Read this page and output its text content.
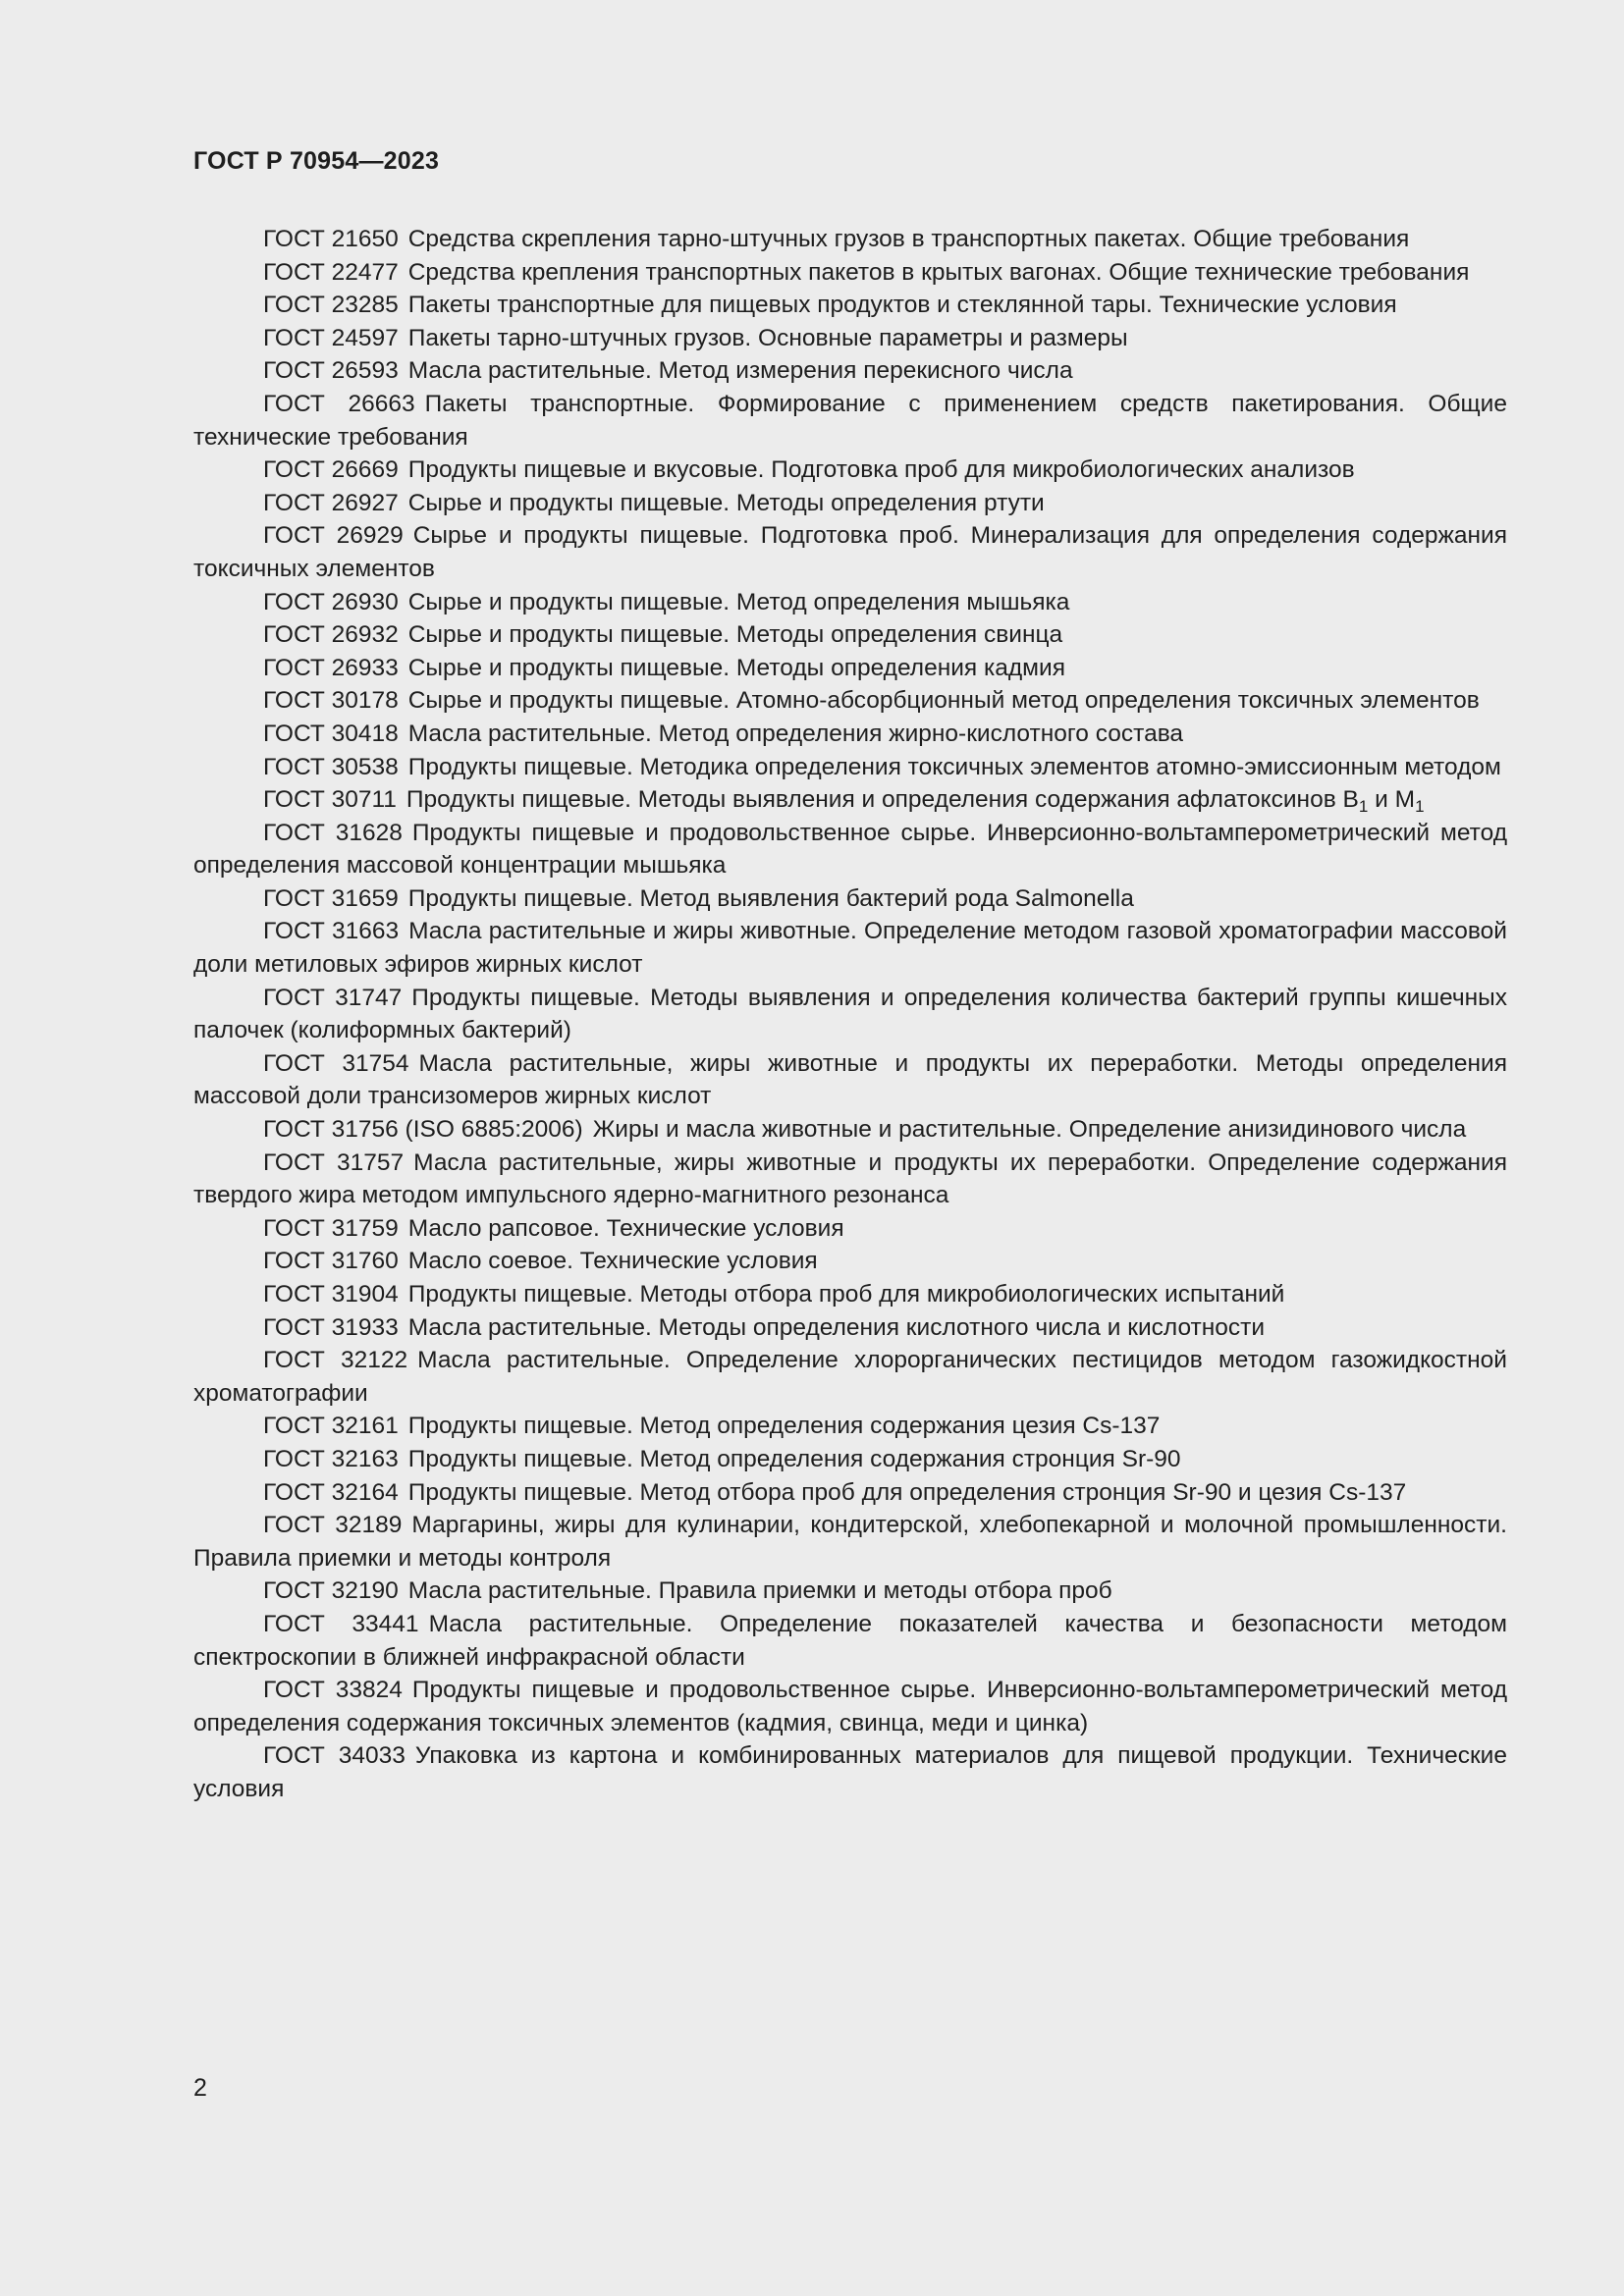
ГОСТ Р 70954—2023

ГОСТ 21650 Средства скрепления тарно-штучных грузов в транспортных пакетах. Общие требования

ГОСТ 22477 Средства крепления транспортных пакетов в крытых вагонах. Общие технические требования

ГОСТ 23285 Пакеты транспортные для пищевых продуктов и стеклянной тары. Технические условия

ГОСТ 24597 Пакеты тарно-штучных грузов. Основные параметры и размеры

ГОСТ 26593 Масла растительные. Метод измерения перекисного числа

ГОСТ 26663 Пакеты транспортные. Формирование с применением средств пакетирования. Общие технические требования

ГОСТ 26669 Продукты пищевые и вкусовые. Подготовка проб для микробиологических анализов

ГОСТ 26927 Сырье и продукты пищевые. Методы определения ртути

ГОСТ 26929 Сырье и продукты пищевые. Подготовка проб. Минерализация для определения содержания токсичных элементов

ГОСТ 26930 Сырье и продукты пищевые. Метод определения мышьяка

ГОСТ 26932 Сырье и продукты пищевые. Методы определения свинца

ГОСТ 26933 Сырье и продукты пищевые. Методы определения кадмия

ГОСТ 30178 Сырье и продукты пищевые. Атомно-абсорбционный метод определения токсичных элементов

ГОСТ 30418 Масла растительные. Метод определения жирно-кислотного состава

ГОСТ 30538 Продукты пищевые. Методика определения токсичных элементов атомно-эмиссионным методом

ГОСТ 30711 Продукты пищевые. Методы выявления и определения содержания афлатоксинов $B_1$ и $M_1$

ГОСТ 31628 Продукты пищевые и продовольственное сырье. Инверсионно-вольтамперометрический метод определения массовой концентрации мышьяка

ГОСТ 31659 Продукты пищевые. Метод выявления бактерий рода Salmonella

ГОСТ 31663 Масла растительные и жиры животные. Определение методом газовой хроматографии массовой доли метиловых эфиров жирных кислот

ГОСТ 31747 Продукты пищевые. Методы выявления и определения количества бактерий группы кишечных палочек (колиформных бактерий)

ГОСТ 31754 Масла растительные, жиры животные и продукты их переработки. Методы определения массовой доли трансизомеров жирных кислот

ГОСТ 31756 (ISO 6885:2006) Жиры и масла животные и растительные. Определение анизидинового числа

ГОСТ 31757 Масла растительные, жиры животные и продукты их переработки. Определение содержания твердого жира методом импульсного ядерно-магнитного резонанса

ГОСТ 31759 Масло рапсовое. Технические условия

ГОСТ 31760 Масло соевое. Технические условия

ГОСТ 31904 Продукты пищевые. Методы отбора проб для микробиологических испытаний

ГОСТ 31933 Масла растительные. Методы определения кислотного числа и кислотности

ГОСТ 32122 Масла растительные. Определение хлорорганических пестицидов методом газожидкостной хроматографии

ГОСТ 32161 Продукты пищевые. Метод определения содержания цезия Cs-137

ГОСТ 32163 Продукты пищевые. Метод определения содержания стронция Sr-90

ГОСТ 32164 Продукты пищевые. Метод отбора проб для определения стронция Sr-90 и цезия Cs-137

ГОСТ 32189 Маргарины, жиры для кулинарии, кондитерской, хлебопекарной и молочной промышленности. Правила приемки и методы контроля

ГОСТ 32190 Масла растительные. Правила приемки и методы отбора проб

ГОСТ 33441 Масла растительные. Определение показателей качества и безопасности методом спектроскопии в ближней инфракрасной области

ГОСТ 33824 Продукты пищевые и продовольственное сырье. Инверсионно-вольтамперометрический метод определения содержания токсичных элементов (кадмия, свинца, меди и цинка)

ГОСТ 34033 Упаковка из картона и комбинированных материалов для пищевой продукции. Технические условия

2
